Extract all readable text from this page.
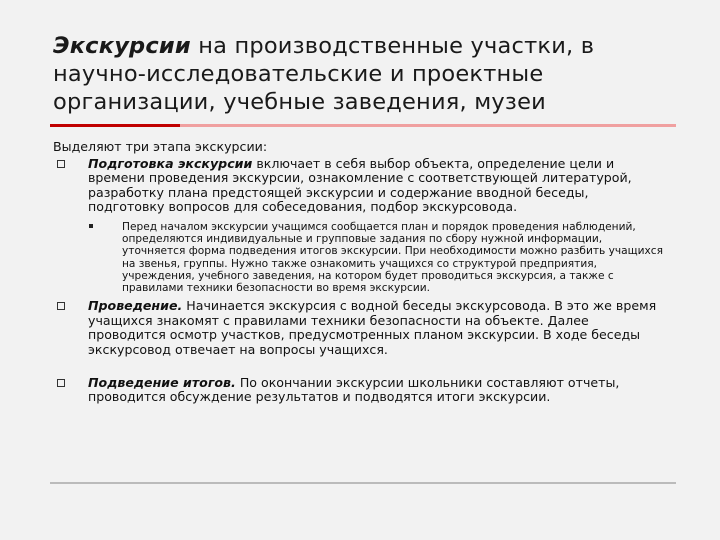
Экскурсии на производственные участки, в научно-исследовательские и проектные организации, учебные заведения, музеи
Выделяют три этапа экскурсии:
Подготовка экскурсии включает в себя выбор объекта, определение цели и времени проведения экскурсии, ознакомление с соответствующей литературой, разработку плана предстоящей экскурсии и содержание вводной беседы, подготовку вопросов для собеседования, подбор экскурсовода.
Перед началом экскурсии учащимся сообщается план и порядок проведения наблюдений, определяются индивидуальные и групповые задания по сбору нужной информации, уточняется форма подведения итогов экскурсии. При необходимости можно разбить учащихся на звенья, группы. Нужно также ознакомить учащихся со структурой предприятия, учреждения, учебного заведения, на котором будет проводиться экскурсия, а также с правилами техники безопасности во время экскурсии.
Проведение. Начинается экскурсия с водной беседы экскурсовода. В это же время учащихся знакомят с правилами техники безопасности на объекте. Далее проводится осмотр участков, предусмотренных планом экскурсии. В ходе беседы экскурсовод отвечает на вопросы учащихся.
Подведение итогов. По окончании экскурсии школьники составляют отчеты, проводится обсуждение результатов и подводятся итоги экскурсии.
